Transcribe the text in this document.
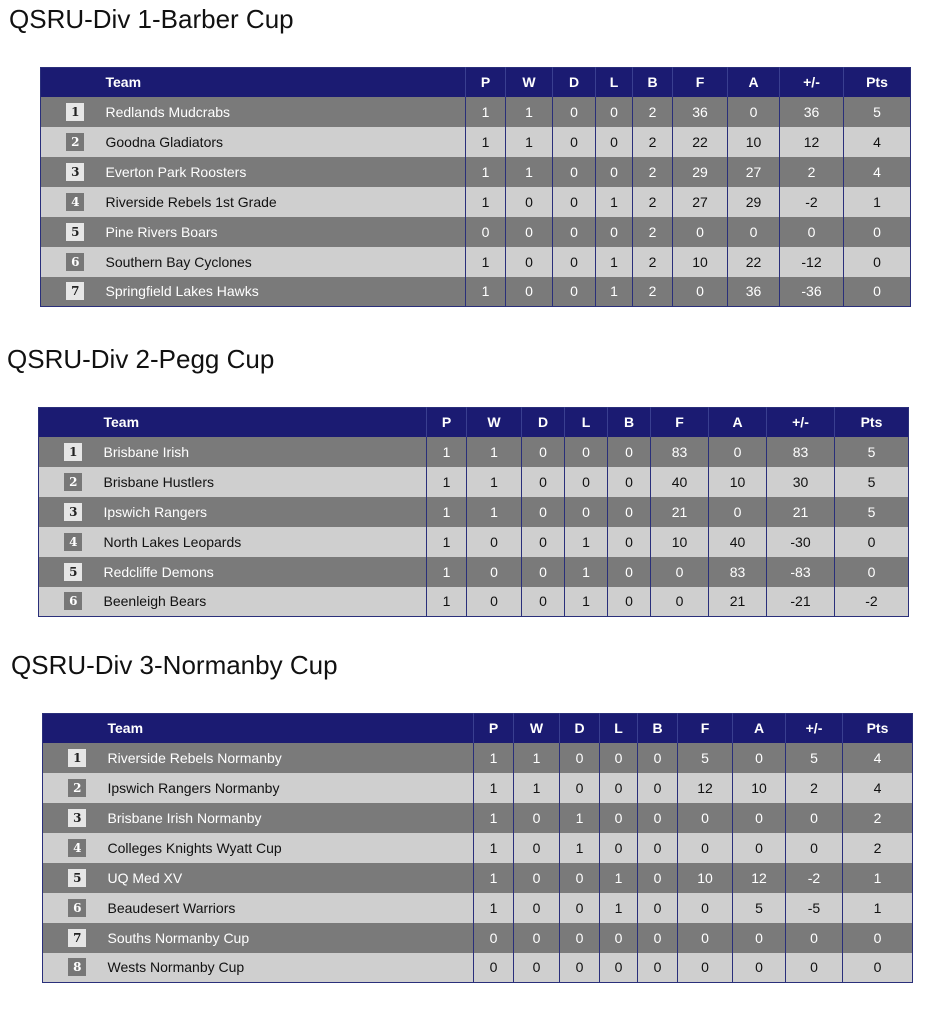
QSRU-Div 1-Barber Cup
	Team	P	W	D	L	B	F	A	+/-	Pts
1	Redlands Mudcrabs	1	1	0	0	2	36	0	36	5
2	Goodna Gladiators	1	1	0	0	2	22	10	12	4
3	Everton Park Roosters	1	1	0	0	2	29	27	2	4
4	Riverside Rebels 1st Grade	1	0	0	1	2	27	29	-2	1
5	Pine Rivers Boars	0	0	0	0	2	0	0	0	0
6	Southern Bay Cyclones	1	0	0	1	2	10	22	-12	0
7	Springfield Lakes Hawks	1	0	0	1	2	0	36	-36	0
QSRU-Div 2-Pegg Cup
	Team	P	W	D	L	B	F	A	+/-	Pts
1	Brisbane Irish	1	1	0	0	0	83	0	83	5
2	Brisbane Hustlers	1	1	0	0	0	40	10	30	5
3	Ipswich Rangers	1	1	0	0	0	21	0	21	5
4	North Lakes Leopards	1	0	0	1	0	10	40	-30	0
5	Redcliffe Demons	1	0	0	1	0	0	83	-83	0
6	Beenleigh Bears	1	0	0	1	0	0	21	-21	-2
QSRU-Div 3-Normanby Cup
	Team	P	W	D	L	B	F	A	+/-	Pts
1	Riverside Rebels Normanby	1	1	0	0	0	5	0	5	4
2	Ipswich Rangers Normanby	1	1	0	0	0	12	10	2	4
3	Brisbane Irish Normanby	1	0	1	0	0	0	0	0	2
4	Colleges Knights Wyatt Cup	1	0	1	0	0	0	0	0	2
5	UQ Med XV	1	0	0	1	0	10	12	-2	1
6	Beaudesert Warriors	1	0	0	1	0	0	5	-5	1
7	Souths Normanby Cup	0	0	0	0	0	0	0	0	0
8	Wests Normanby Cup	0	0	0	0	0	0	0	0	0
